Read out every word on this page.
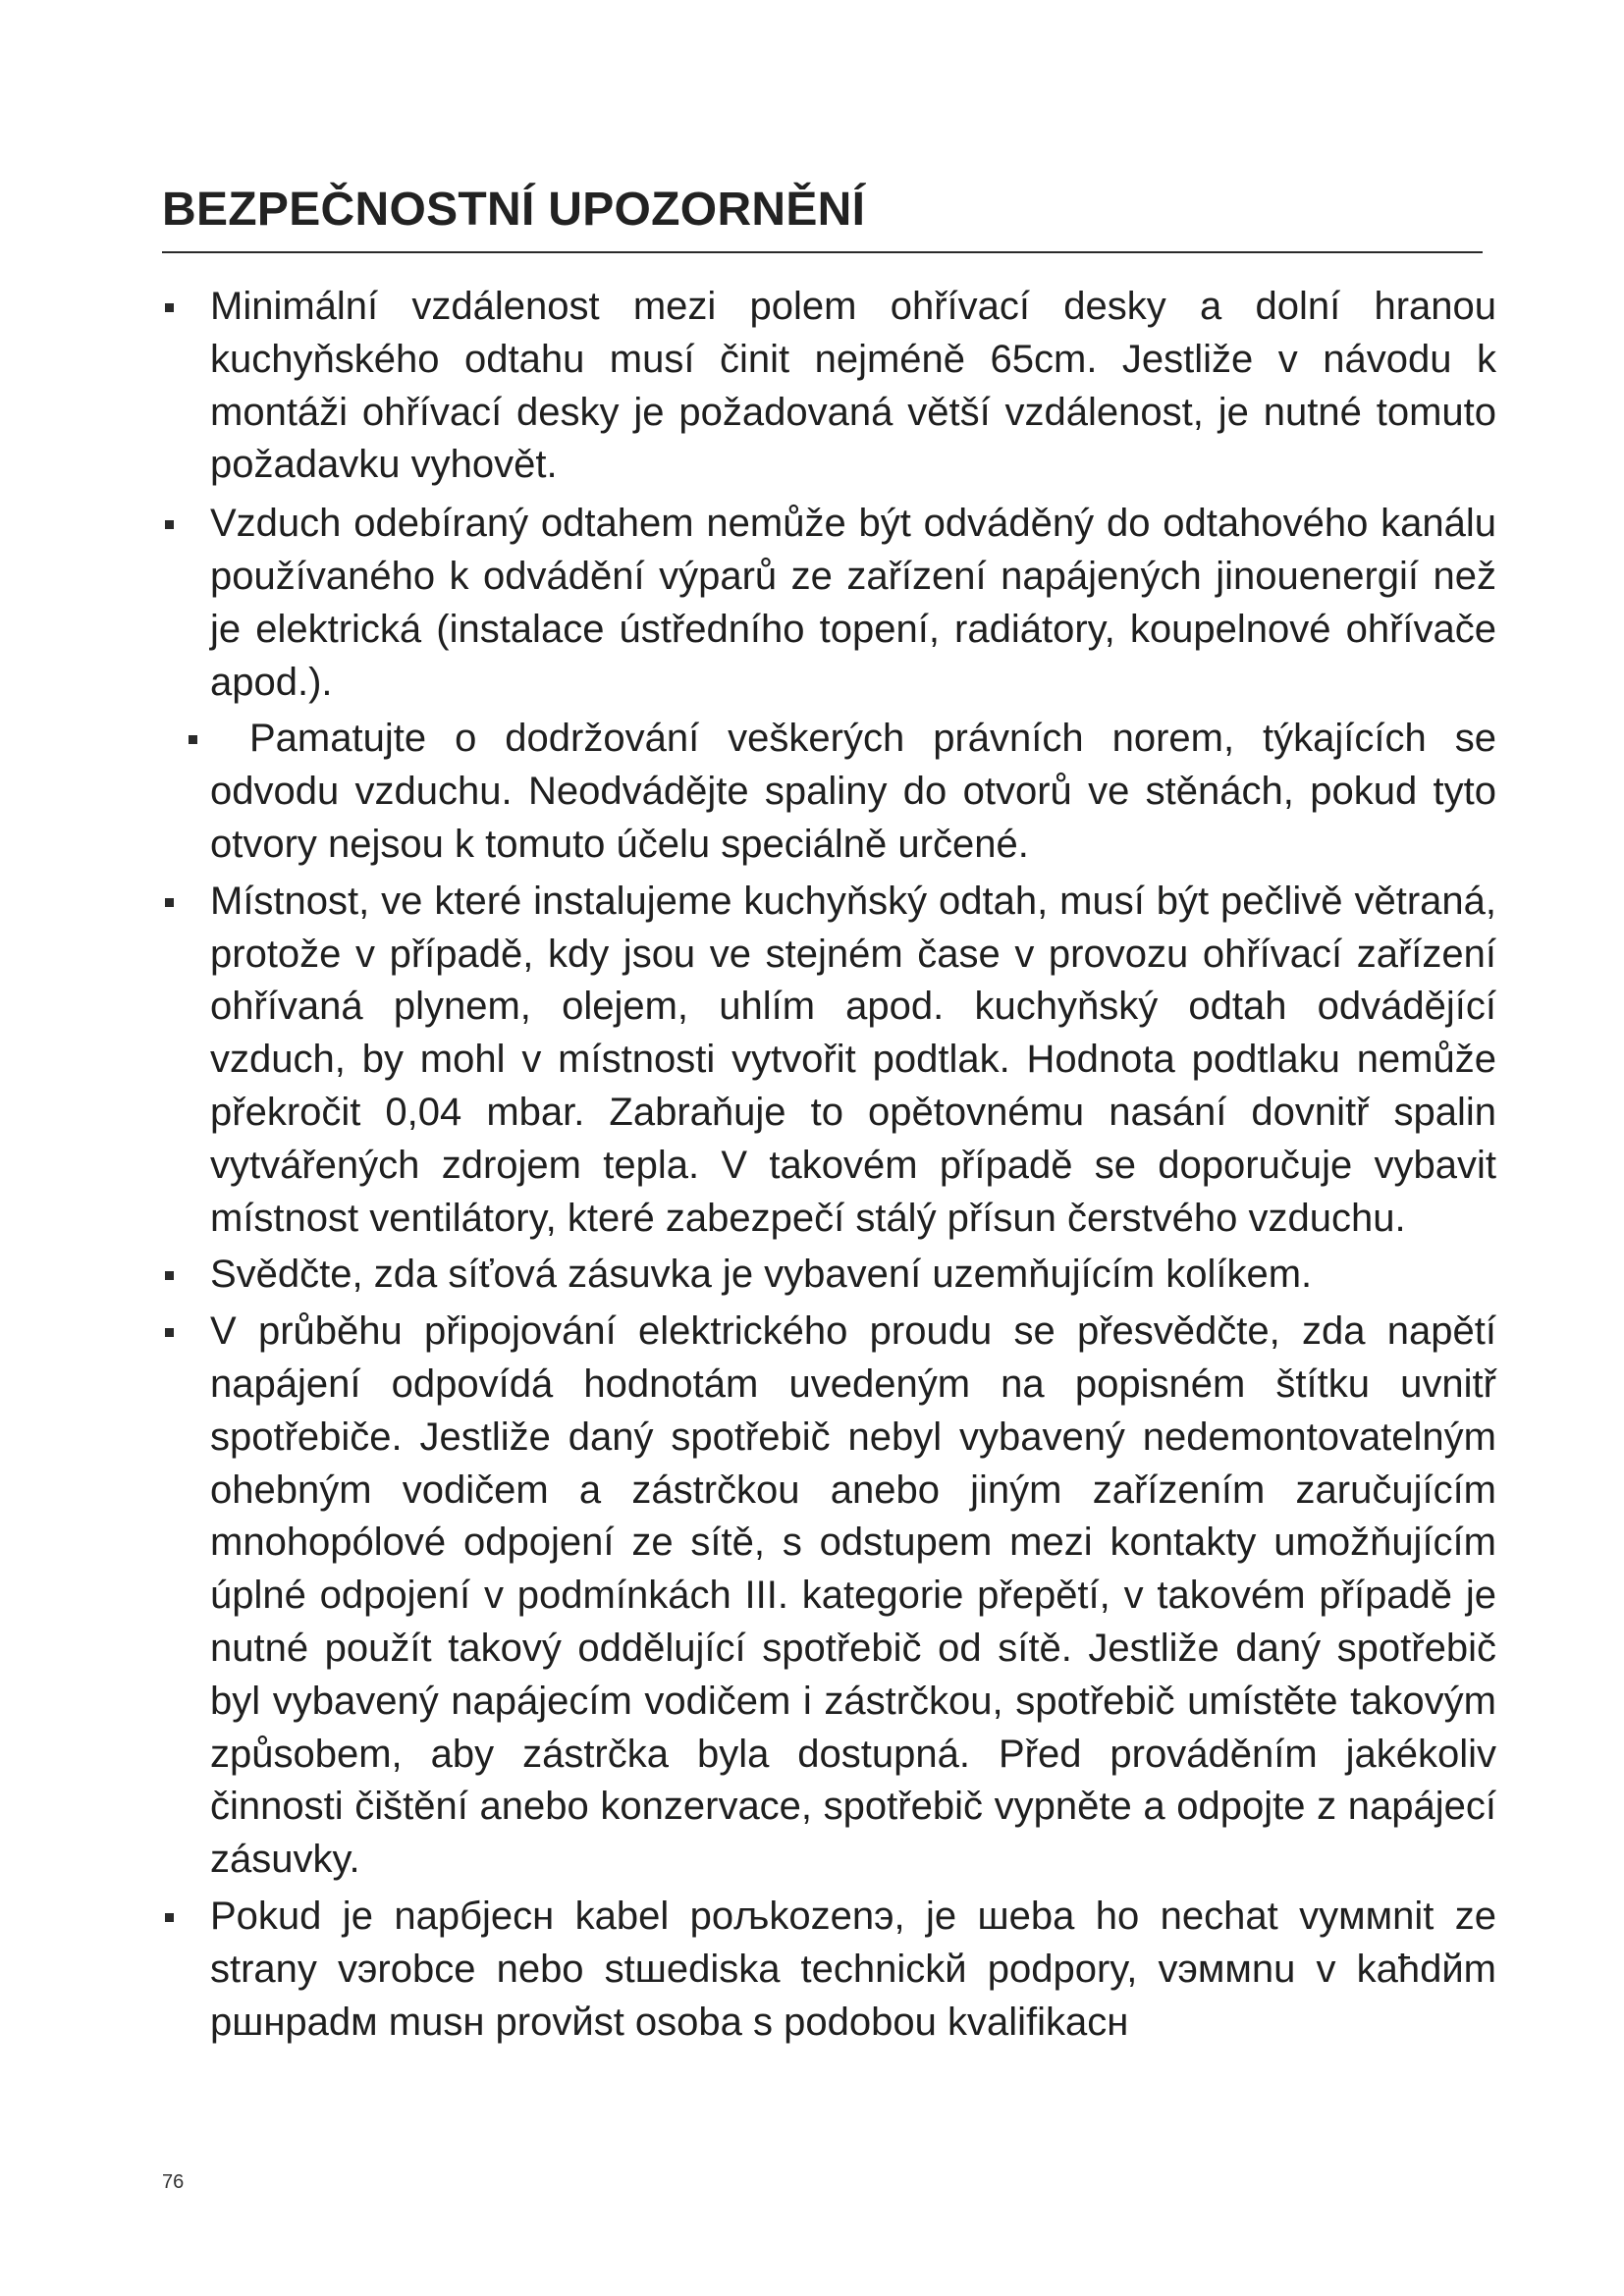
BEZPEČNOSTNÍ UPOZORNĚNÍ
Minimální vzdálenost mezi polem ohřívací desky a dolní hranou kuchyňského odtahu musí činit nejméně 65cm. Jestliže v návodu k montáži ohřívací desky je požadovaná větší vzdálenost, je nutné tomuto požadavku vyhovět.
Vzduch odebíraný odtahem nemůže být odváděný do odtahového kanálu používaného k odvádění výparů ze zařízení napájených jinouenergií než je elektrická (instalace ústředního topení, radiátory, koupelnové ohřívače apod.).
Pamatujte o dodržování veškerých právních norem, týkajících se odvodu vzduchu. Neodvádějte spaliny do otvorů ve stěnách, pokud tyto otvory nejsou k tomuto účelu speciálně určené.
Místnost, ve které instalujeme kuchyňský odtah, musí být pečlivě větraná, protože v případě, kdy jsou ve stejném čase v provozu ohřívací zařízení ohřívaná plynem, olejem, uhlím apod. kuchyňský odtah odvádějící vzduch, by mohl v místnosti vytvořit podtlak. Hodnota podtlaku nemůže překročit 0,04 mbar. Zabraňuje to opětovnému nasání dovnitř spalin vytvářených zdrojem tepla. V takovém případě se doporučuje vybavit místnost ventilátory, které zabezpečí stálý přísun čerstvého vzduchu.
Svědčte, zda síťová zásuvka je vybavení uzemňujícím kolíkem.
V průběhu připojování elektrického proudu se přesvědčte, zda napětí napájení odpovídá hodnotám uvedeným na popisném štítku uvnitř spotřebiče. Jestliže daný spotřebič nebyl vybavený nedemontovatelným ohebným vodičem a zástrčkou anebo jiným zařízením zaručujícím mnohopólové odpojení ze sítě, s odstupem mezi kontakty umožňujícím úplné odpojení v podmínkách III. kategorie přepětí, v takovém případě je nutné použít takový oddělující spotřebič od sítě. Jestliže daný spotřebič byl vybavený napájecím vodičem i zástrčkou, spotřebič umístěte takovým způsobem, aby zástrčka byla dostupná. Před prováděním jakékoliv činnosti čištění anebo konzervace, spotřebič vypněte a odpojte z napájecí zásuvky.
Pokud je napбjecн kabel poљkozenэ, je шeba ho nechat vyммnit ze strany vэrobce nebo stшediska technickй podpory, vэммnu v kaћdйm pшнpadм musн provйst osoba s podobou kvalifikacн
76
